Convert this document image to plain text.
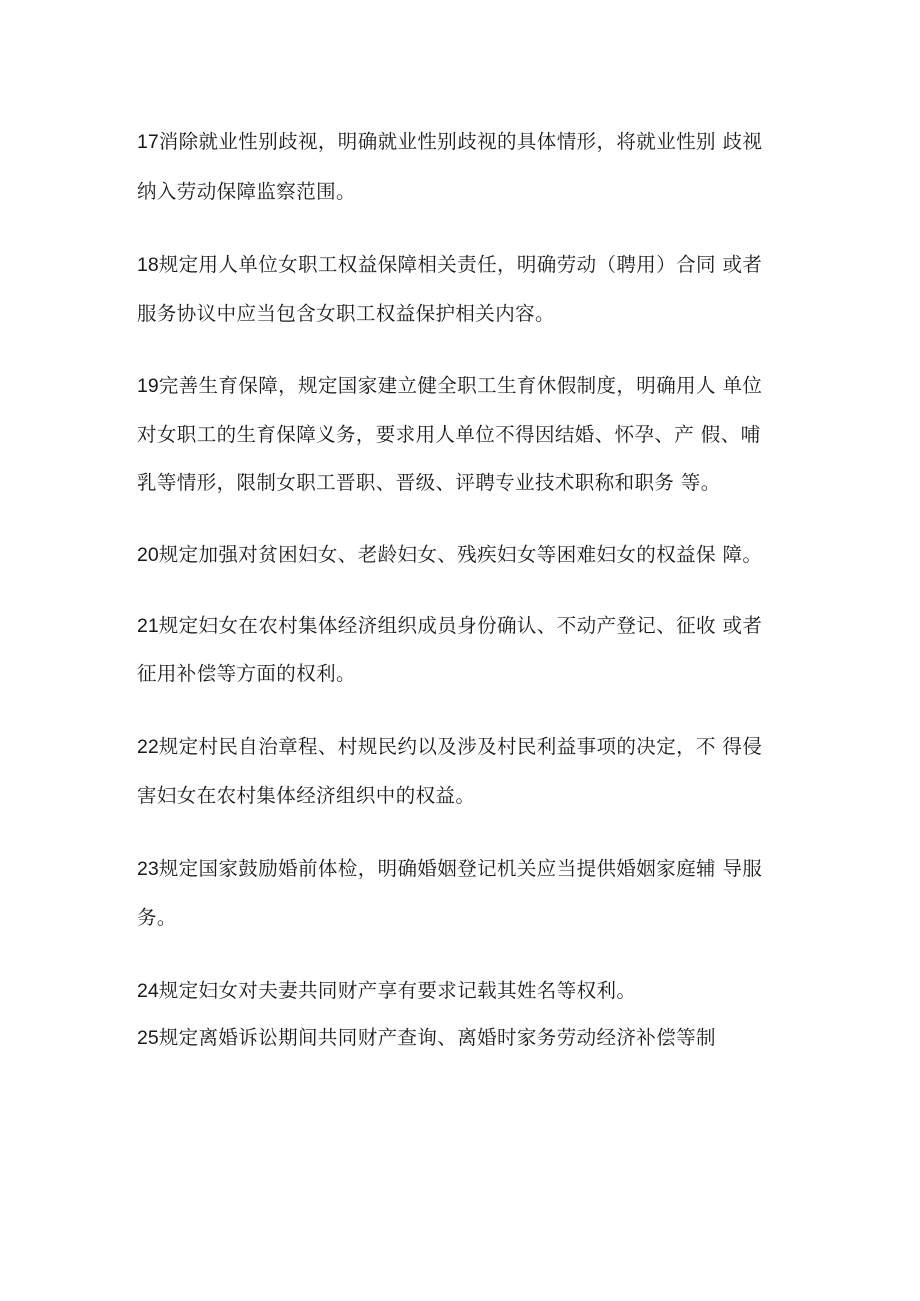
17消除就业性别歧视，明确就业性别歧视的具体情形，将就业性别 歧视
纳入劳动保障监察范围。
18规定用人单位女职工权益保障相关责任，明确劳动（聘用）合同 或者
服务协议中应当包含女职工权益保护相关内容。
19完善生育保障，规定国家建立健全职工生育休假制度，明确用人 单位
对女职工的生育保障义务，要求用人单位不得因结婚、怀孕、产 假、哺
乳等情形，限制女职工晋职、晋级、评聘专业技术职称和职务 等。
20规定加强对贫困妇女、老龄妇女、残疾妇女等困难妇女的权益保 障。
21规定妇女在农村集体经济组织成员身份确认、不动产登记、征收 或者
征用补偿等方面的权利。
22规定村民自治章程、村规民约以及涉及村民利益事项的决定，不 得侵
害妇女在农村集体经济组织中的权益。
23规定国家鼓励婚前体检，明确婚姻登记机关应当提供婚姻家庭辅 导服
务。
24规定妇女对夫妻共同财产享有要求记载其姓名等权利。
25规定离婚诉讼期间共同财产查询、离婚时家务劳动经济补偿等制
